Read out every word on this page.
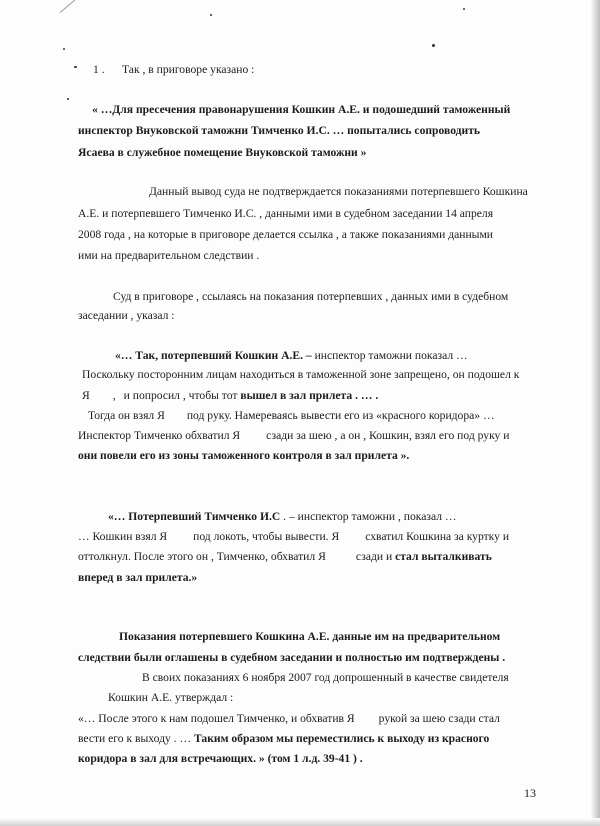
1 . Так , в приговоре указано :
« …Для пресечения правонарушения Кошкин А.Е. и подошедший таможенный
инспектор Внуковской таможни Тимченко И.С. … попытались сопроводить
Ясаева в служебное помещение Внуковской таможни »
Данный вывод суда не подтверждается показаниями потерпевшего Кошкина
А.Е. и потерпевшего Тимченко И.С. , данными ими в судебном заседании 14 апреля
2008 года , на которые в приговоре делается ссылка , а также показаниями данными
ими на предварительном следствии .
Суд в приговоре , ссылаясь на показания потерпевших , данных ими в судебном
заседании , указал :
«… Так, потерпевший Кошкин А.Е. – инспектор таможни показал …
Поскольку посторонним лицам находиться в таможенной зоне запрещено, он подошел к
Я , и попросил , чтобы тот вышел в зал прилета . … .
Тогда он взял Я под руку. Намереваясь вывести его из «красного коридора» …
Инспектор Тимченко обхватил Я сзади за шею , а он , Кошкин, взял его под руку и
они повели его из зоны таможенного контроля в зал прилета ».
«… Потерпевший Тимченко И.С . – инспектор таможни , показал …
… Кошкин взял Я под локоть, чтобы вывести. Я схватил Кошкина за куртку и
оттолкнул. После этого он , Тимченко, обхватил Я	сзади и стал выталкивать
вперед в зал прилета.»
Показания потерпевшего Кошкина А.Е. данные им на предварительном
следствии были оглашены в судебном заседании и полностью им подтверждены .
В своих показаниях 6 ноября 2007 год допрошенный в качестве свидетеля
Кошкин А.Е. утверждал :
«… После этого к нам подошел Тимченко, и обхватив Я рукой за шею сзади стал
вести его к выходу . … Таким образом мы переместились к выходу из красного
коридора в зал для встречающих. » (том 1 л.д. 39-41 ) .
13
